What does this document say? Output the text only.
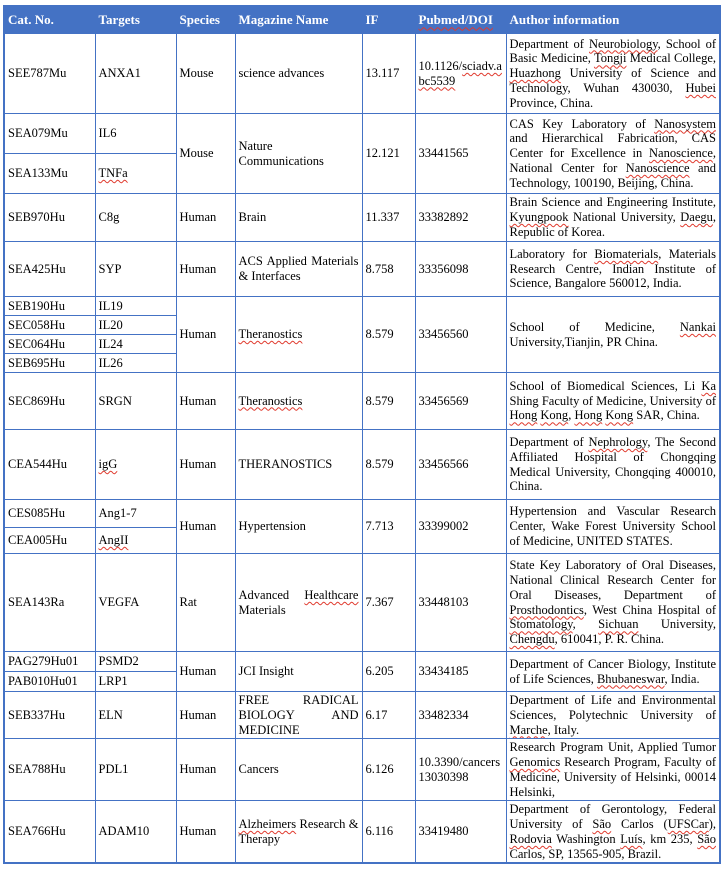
Cat. No.	Targets	Species	Magazine Name	IF	Pubmed/DOI	Author information
SEE787Mu	ANXA1	Mouse	science advances	13.117	10.1126/sciadv.abc5539	Department of Neurobiology, School of Basic Medicine, Tongji Medical College, Huazhong University of Science and Technology, Wuhan 430030, Hubei Province, China.
SEA079Mu	IL6	Mouse	Nature Communications	12.121	33441565	CAS Key Laboratory of Nanosystem and Hierarchical Fabrication, CAS Center for Excellence in Nanoscience, National Center for Nanoscience and Technology, 100190, Beijing, China.
SEA133Mu	TNFa					
SEB970Hu	C8g	Human	Brain	11.337	33382892	Brain Science and Engineering Institute, Kyungpook National University, Daegu, Republic of Korea.
SEA425Hu	SYP	Human	ACS Applied Materials & Interfaces	8.758	33356098	Laboratory for Biomaterials, Materials Research Centre, Indian Institute of Science, Bangalore 560012, India.
SEB190Hu	IL19	Human	Theranostics	8.579	33456560	School of Medicine, Nankai University,Tianjin, PR China.
SEC058Hu	IL20					
SEC064Hu	IL24					
SEB695Hu	IL26					
SEC869Hu	SRGN	Human	Theranostics	8.579	33456569	School of Biomedical Sciences, Li Ka Shing Faculty of Medicine, University of Hong Kong, Hong Kong SAR, China.
CEA544Hu	igG	Human	THERANOSTICS	8.579	33456566	Department of Nephrology, The Second Affiliated Hospital of Chongqing Medical University, Chongqing 400010, China.
CES085Hu	Ang1-7	Human	Hypertension	7.713	33399002	Hypertension and Vascular Research Center, Wake Forest University School of Medicine, UNITED STATES.
CEA005Hu	AngII					
SEA143Ra	VEGFA	Rat	Advanced Healthcare Materials	7.367	33448103	State Key Laboratory of Oral Diseases, National Clinical Research Center for Oral Diseases, Department of Prosthodontics, West China Hospital of Stomatology, Sichuan University, Chengdu, 610041, P. R. China.
PAG279Hu01	PSMD2	Human	JCI Insight	6.205	33434185	Department of Cancer Biology, Institute of Life Sciences, Bhubaneswar, India.
PAB010Hu01	LRP1					
SEB337Hu	ELN	Human	FREE RADICAL BIOLOGY AND MEDICINE	6.17	33482334	Department of Life and Environmental Sciences, Polytechnic University of Marche, Italy.
SEA788Hu	PDL1	Human	Cancers	6.126	10.3390/cancers13030398	Research Program Unit, Applied Tumor Genomics Research Program, Faculty of Medicine, University of Helsinki, 00014 Helsinki,
SEA766Hu	ADAM10	Human	Alzheimers Research & Therapy	6.116	33419480	Department of Gerontology, Federal University of São Carlos (UFSCar), Rodovia Washington Luís, km 235, São Carlos, SP, 13565-905, Brazil.
